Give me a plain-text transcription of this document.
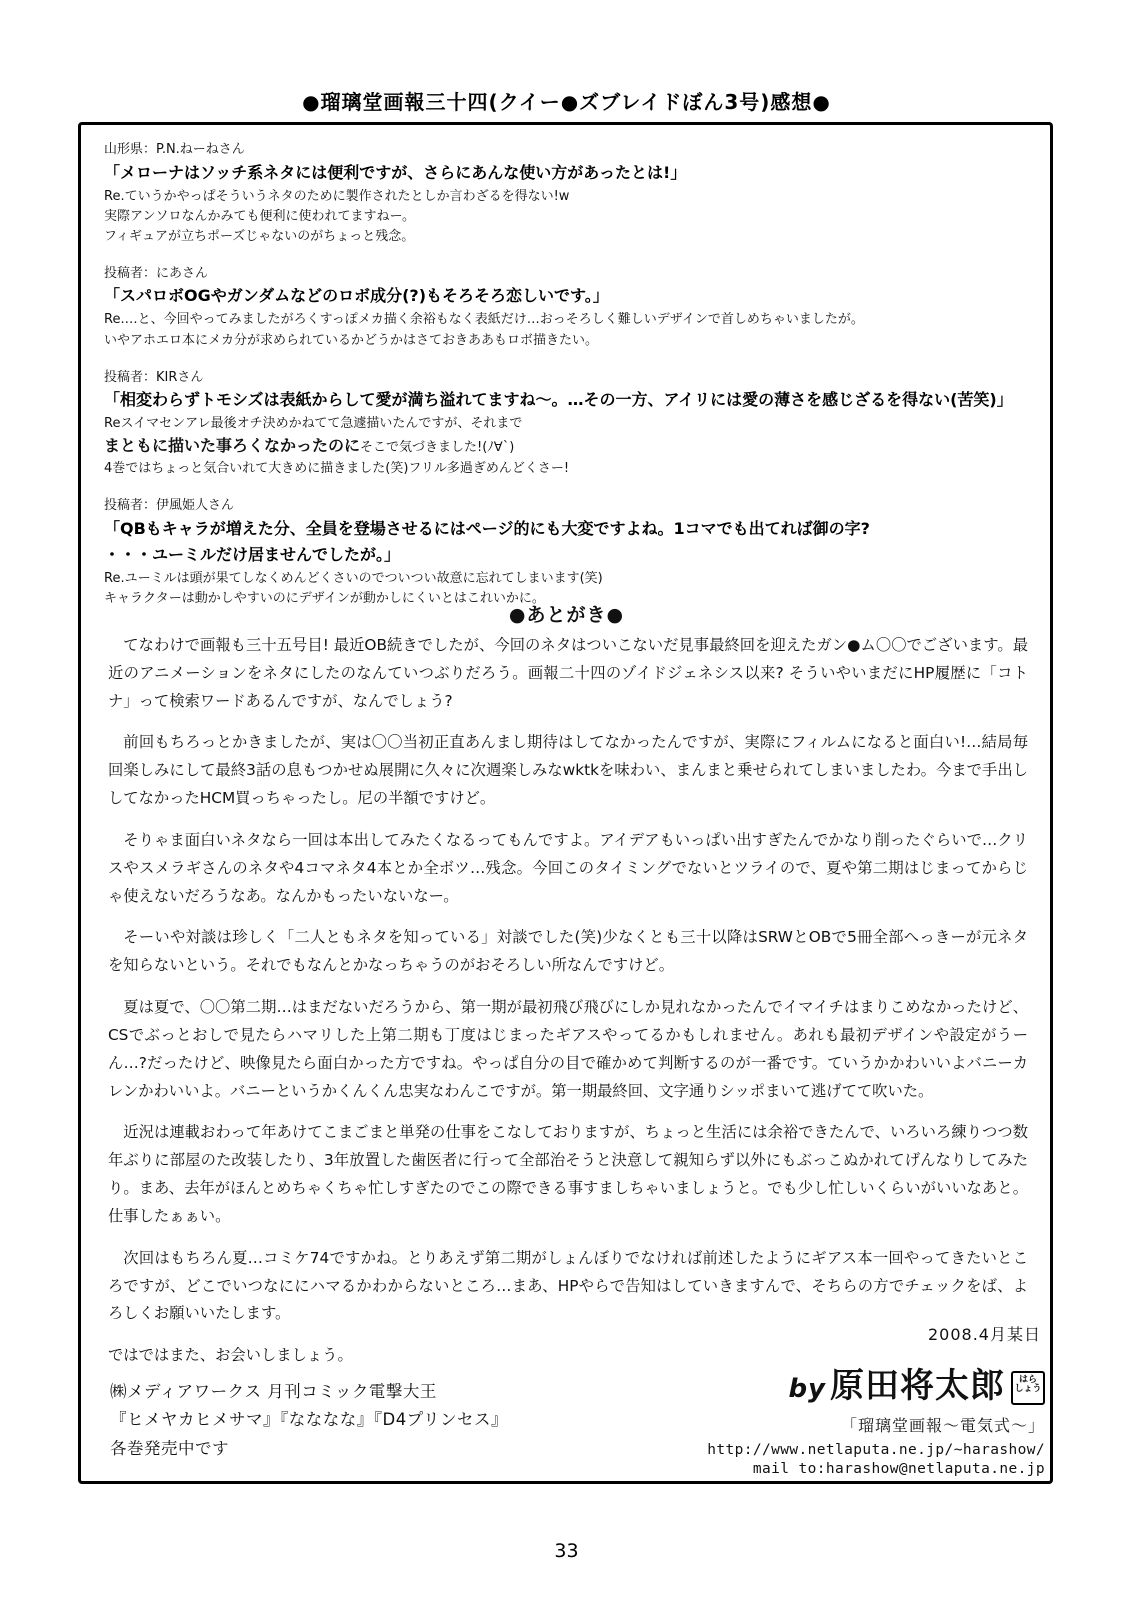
●瑠璃堂画報三十四(クイー●ズブレイドぼん3号)感想●
山形県：P.N.ねーねさん
「メローナはソッチ系ネタには便利ですが、さらにあんな使い方があったとは!」
Re.ていうかやっぱそういうネタのために製作されたとしか言わざるを得ない!w
実際アンソロなんかみても便利に使われてますねー。
フィギュアが立ちポーズじゃないのがちょっと残念。
投稿者：にあさん
「スパロボOGやガンダムなどのロボ成分(?)もそろそろ恋しいです。」
Re.…と、今回やってみましたがろくすっぽメカ描く余裕もなく表紙だけ…おっそろしく難しいデザインで首しめちゃいましたが。
いやアホエロ本にメカ分が求められているかどうかはさておきああもロボ描きたい。
投稿者：KIRさん
「相変わらずトモシズは表紙からして愛が満ち溢れてますね〜。…その一方、アイリには愛の薄さを感じざるを得ない(苦笑)」
Reスイマセンアレ最後オチ決めかねてて急遽描いたんですが、それまで
まともに描いた事ろくなかったのにそこで気づきました!(ﾉ∀`)
4巻ではちょっと気合いれて大きめに描きました(笑)フリル多過ぎめんどくさー!
投稿者：伊風姫人さん
「QBもキャラが増えた分、全員を登場させるにはページ的にも大変ですよね。1コマでも出てれば御の字?
・・・ユーミルだけ居ませんでしたが。」
Re.ユーミルは頭が果てしなくめんどくさいのでついつい故意に忘れてしまいます(笑)
キャラクターは動かしやすいのにデザインが動かしにくいとはこれいかに。
●あとがき●

てなわけで画報も三十五号目! 最近OB続きでしたが、今回のネタはついこないだ見事最終回を迎えたガン●ム〇〇でございます。最近のアニメーションをネタにしたのなんていつぶりだろう。画報二十四のゾイドジェネシス以来? そういやいまだにHP履歴に「コトナ」って検索ワードあるんですが、なんでしょう?

前回もちろっとかきましたが、実は〇〇当初正直あんまし期待はしてなかったんですが、実際にフィルムになると面白い!…結局毎回楽しみにして最終3話の息もつかせぬ展開に久々に次週楽しみなwktkを味わい、まんまと乗せられてしまいましたわ。今まで手出ししてなかったHCM買っちゃったし。尼の半額ですけど。

そりゃま面白いネタなら一回は本出してみたくなるってもんですよ。アイデアもいっぱい出すぎたんでかなり削ったぐらいで…クリスやスメラギさんのネタや4コマネタ4本とか全ボツ…残念。今回このタイミングでないとツライので、夏や第二期はじまってからじゃ使えないだろうなあ。なんかもったいないなー。

そーいや対談は珍しく「二人ともネタを知っている」対談でした(笑)少なくとも三十以降はSRWとOBで5冊全部へっきーが元ネタを知らないという。それでもなんとかなっちゃうのがおそろしい所なんですけど。

夏は夏で、〇〇第二期…はまだないだろうから、第一期が最初飛び飛びにしか見れなかったんでイマイチはまりこめなかったけど、CSでぶっとおしで見たらハマリした上第二期も丁度はじまったギアスやってるかもしれません。あれも最初デザインや設定がうーん…?だったけど、映像見たら面白かった方ですね。やっぱ自分の目で確かめて判断するのが一番です。ていうかかわいいよバニーカレンかわいいよ。バニーというかくんくん忠実なわんこですが。第一期最終回、文字通りシッポまいて逃げてて吹いた。

近況は連載おわって年あけてこまごまと単発の仕事をこなしておりますが、ちょっと生活には余裕できたんで、いろいろ練りつつ数年ぶりに部屋のた改装したり、3年放置した歯医者に行って全部治そうと決意して親知らず以外にもぶっこぬかれてげんなりしてみたり。まあ、去年がほんとめちゃくちゃ忙しすぎたのでこの際できる事すましちゃいましょうと。でも少し忙しいくらいがいいなあと。仕事したぁぁい。

次回はもちろん夏…コミケ74ですかね。とりあえず第二期がしょんぼりでなければ前述したようにギアス本一回やってきたいところですが、どこでいつなににハマるかわからないところ…まあ、HPやらで告知はしていきますんで、そちらの方でチェックをば、よろしくお願いいたします。

ではではまた、お会いしましょう。

2008.4月某日
㈱メディアワークス 月刊コミック電撃大王
『ヒメヤカヒメサマ』『なななな』『D4プリンセス』
各巻発売中です
by 原田将太郎 はら
しょう
「瑠璃堂画報〜電気式〜」
http://www.netlaputa.ne.jp/~harashow/
mail to:harashow@netlaputa.ne.jp
33
